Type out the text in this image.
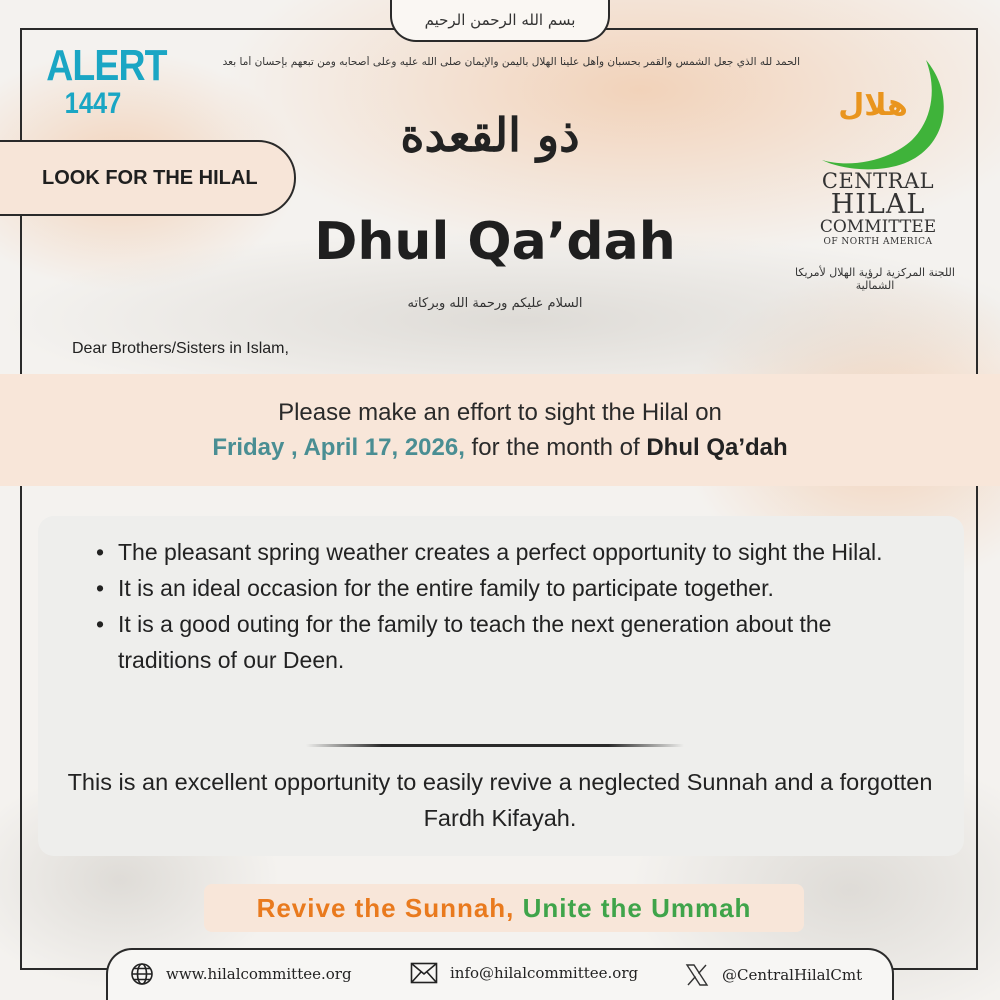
بسم الله الرحمن الرحيم
ALERT
1447
LOOK FOR THE HILAL
الحمد لله الذي جعل الشمس والقمر بحسبان وأهل علينا الهلال باليمن والإيمان صلى الله عليه وعلى أصحابه ومن تبعهم بإحسان أما بعد
ذو القعدة
Dhul Qa’dah
السلام عليكم ورحمة الله وبركاته
هلال
CENTRAL
HILAL
COMMITTEE
OF NORTH AMERICA
اللجنة المركزية لرؤية الهلال لأمريكا الشمالية
Dear Brothers/Sisters in Islam,
Please make an effort to sight the Hilal on
Friday , April 17, 2026, for the month of Dhul Qa’dah
• The pleasant spring weather creates a perfect opportunity to sight the Hilal.
• It is an ideal occasion for the entire family to participate together.
• It is a good outing for the family to teach the next generation about the traditions of our Deen.
This is an excellent opportunity to easily revive a neglected Sunnah and a forgotten Fardh Kifayah.
Revive the Sunnah, Unite the Ummah
www.hilalcommittee.org	info@hilalcommittee.org	@CentralHilalCmt
